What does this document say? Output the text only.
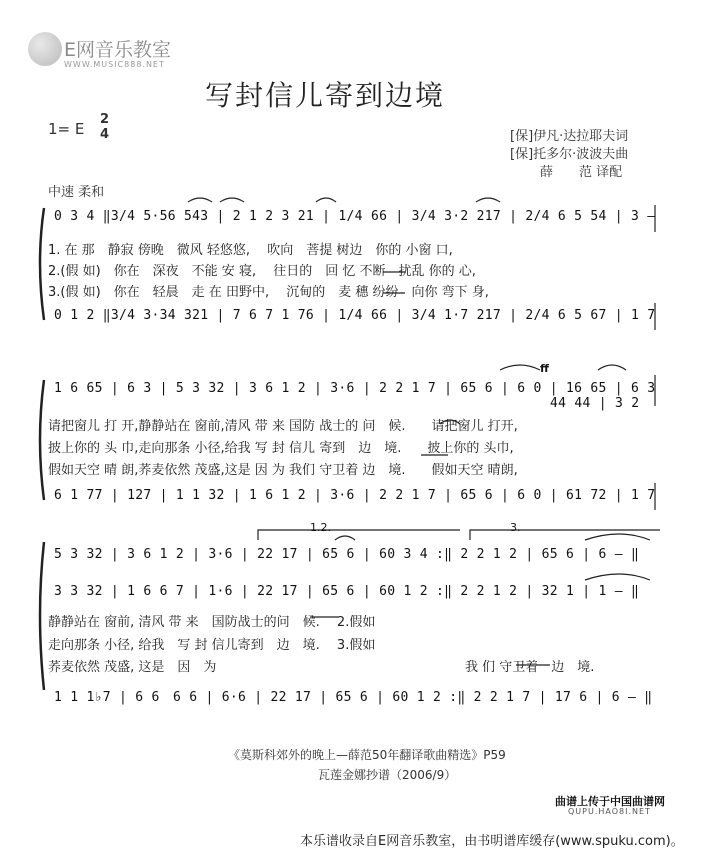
E网音乐教室
WWW.MUSIC888.NET
写封信儿寄到边境
1= E
2
4	[保]伊凡·达拉耶夫词
[保]托多尔·波波夫曲
薛　　范 译配
中速 柔和
0 3 4 ‖3/4 5·56 543 | 2 1 2 3 21 | 1/4 66 | 3/4 3·2 217 | 2/4 6 5 54 | 3 –
1. 在 那　静寂 傍晚　微风 轻悠悠,　 吹向　菩提 树边　你的 小窗 口,
2.(假 如)　你在　深夜　不能 安 寝,　 往日的　回 忆 不断　扰乱 你的 心,
3.(假 如)　你在　轻晨　走 在 田野中,　 沉甸的　麦 穗 纷纷　向你 弯下 身,
0 1 2 ‖3/4 3·34 321 | 7 6 7 1 76 | 1/4 66 | 3/4 1·7 217 | 2/4 6 5 67 | 1 7
ff
1 6 65 | 6 3 | 5 3 32 | 3 6 1 2 | 3·6 | 2 2 1 7 | 65 6 | 6 0 | 16 65 | 6 3
44 44 | 3 2
请把窗儿 打 开,静静站在 窗前,清风 带 来 国防 战士的 问　候.　　请把窗儿 打开,
披上你的 头 巾,走向那条 小径,给我 写 封 信儿 寄到　边　境.　　披上你的 头巾,
假如天空 晴 朗,荞麦依然 茂盛,这是 因 为 我们 守卫着 边　境.　　假如天空 晴朗,
6 1 77 | 127 | 1 1 32 | 1 6 1 2 | 3·6 | 2 2 1 7 | 65 6 | 6 0 | 61 72 | 1 7
1.2.	3.
5 3 32 | 3 6 1 2 | 3·6 | 22 17 | 65 6 | 60 3 4 :‖ 2 2 1 2 | 65 6 | 6 – ‖
3 3 32 | 1 6 6 7 | 1·6 | 22 17 | 65 6 | 60 1 2 :‖ 2 2 1 2 | 32 1 | 1 – ‖
静静站在 窗前, 清风 带 来　国防战士的问　候.　 2.假如
走向那条 小径, 给我　写 封 信儿寄到　边　境.　 3.假如
荞麦依然 茂盛, 这是　因　为	我 们 守卫着　边　境.
1 1 1♭7 | 6 6　6 6 | 6·6 | 22 17 | 65 6 | 60 1 2 :‖ 2 2 1 7 | 17 6 | 6 – ‖
《莫斯科郊外的晚上—薛范50年翻译歌曲精选》P59
瓦莲金娜抄谱（2006/9）
曲谱上传于中国曲谱网
QUPU.HAO8I.NET
本乐谱收录自E网音乐教室，由书明谱库缓存(www.spuku.com)。
